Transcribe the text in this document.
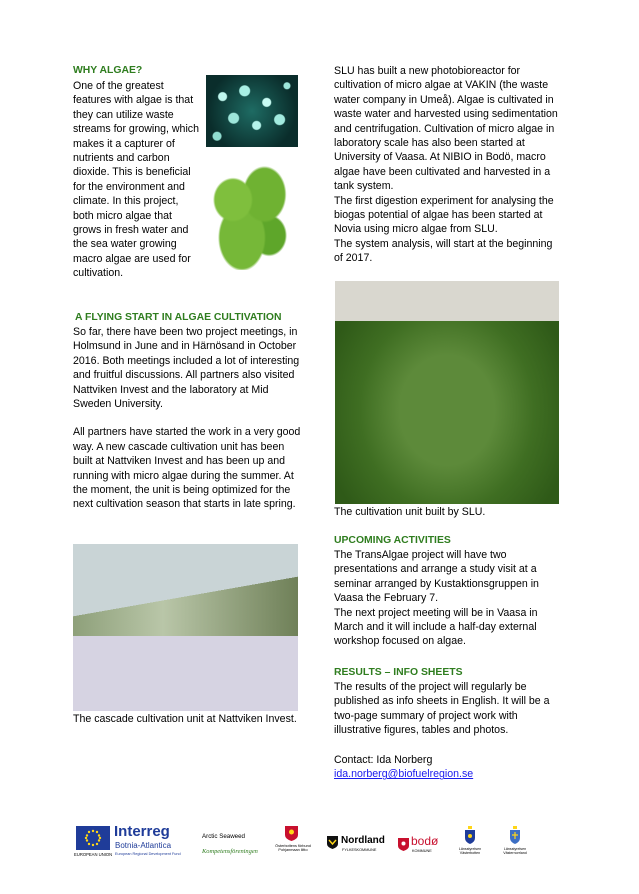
WHY ALGAE?

One of the greatest features with algae is that they can utilize waste streams for growing, which makes it a capturer of nutrients and carbon dioxide. This is beneficial for the environment and climate. In this project, both micro algae that grows in fresh water and the sea water growing macro algae are used for cultivation.

A FLYING START IN ALGAE CULTIVATION

So far, there have been two project meetings, in Holmsund in June and in Härnösand in October 2016. Both meetings included a lot of interesting and fruitful discussions. All partners also visited Nattviken Invest and the laboratory at Mid Sweden University.

All partners have started the work in a very good way. A new cascade cultivation unit has been built at Nattviken Invest and has been up and running with micro algae during the summer. At the moment, the unit is being optimized for the next cultivation season that starts in late spring.

The cascade cultivation unit at Nattviken Invest.

SLU has built a new photobioreactor for cultivation of micro algae at VAKIN (the waste water company in Umeå). Algae is cultivated in waste water and harvested using sedimentation and centrifugation. Cultivation of micro algae in laboratory scale has also been started at University of Vaasa. At NIBIO in Bodö, macro algae have been cultivated and harvested in a tank system.

The first digestion experiment for analysing the biogas potential of algae has been started at Novia using micro algae from SLU.

The system analysis, will start at the beginning of 2017.

The cultivation unit built by SLU.
UPCOMING ACTIVITIES

The TransAlgae project will have two presentations and arrange a study visit at a seminar arranged by Kustaktionsgruppen in Vaasa the February 7.

The next project meeting will be in Vaasa in March and it will include a half-day external workshop focused on algae.

RESULTS – INFO SHEETS
The results of the project will regularly be published as info sheets in English. It will be a two-page summary of project work with illustrative figures, tables and photos.

Contact: Ida Norberg

ida.norberg@biofuelregion.se

EUROPEAN UNION
Interreg
Botnia-Atlantica
European Regional Development Fund
Arctic Seaweed
Kompetensföreningen
Österbottens förbund
Pohjanmaan liitto
Nordland
FYLKESKOMMUNE
bodø
KOMMUNE	Länsstyrelsen Västerbotten
Länsstyrelsen Västernorrland
